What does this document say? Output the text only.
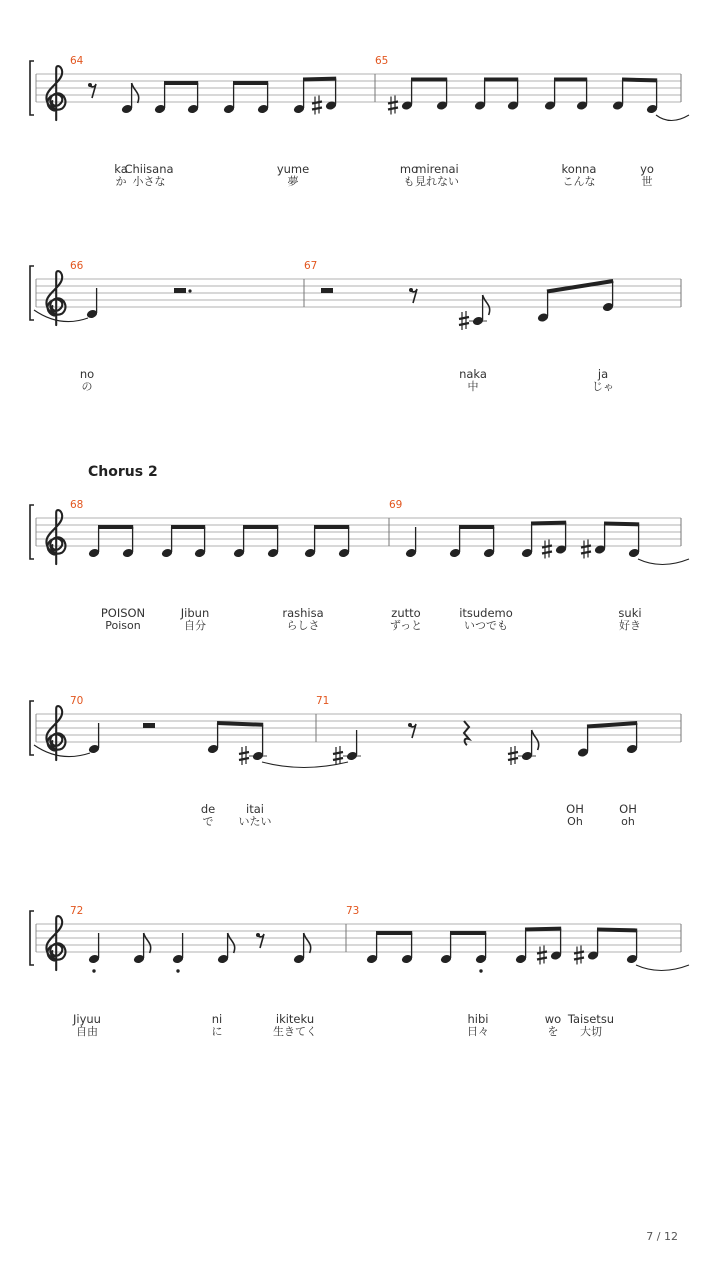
64	65
ka
か
Chiisana
小さな
yume
夢
mo
も
mirenai
見れない
konna
こんな
yo
世
66	67
no
の
naka
中
ja
じゃ
68	69
Chorus 2
POISON
Poison
Jibun
自分
rashisa
らしさ
zutto
ずっと
itsudemo
いつでも
suki
好き
70	71
de
で
itai
いたい
OH
Oh
OH
oh
72	73
Jiyuu
自由
ni
に
ikiteku
生きてく
hibi
日々
wo
を
Taisetsu
大切
7 / 12
